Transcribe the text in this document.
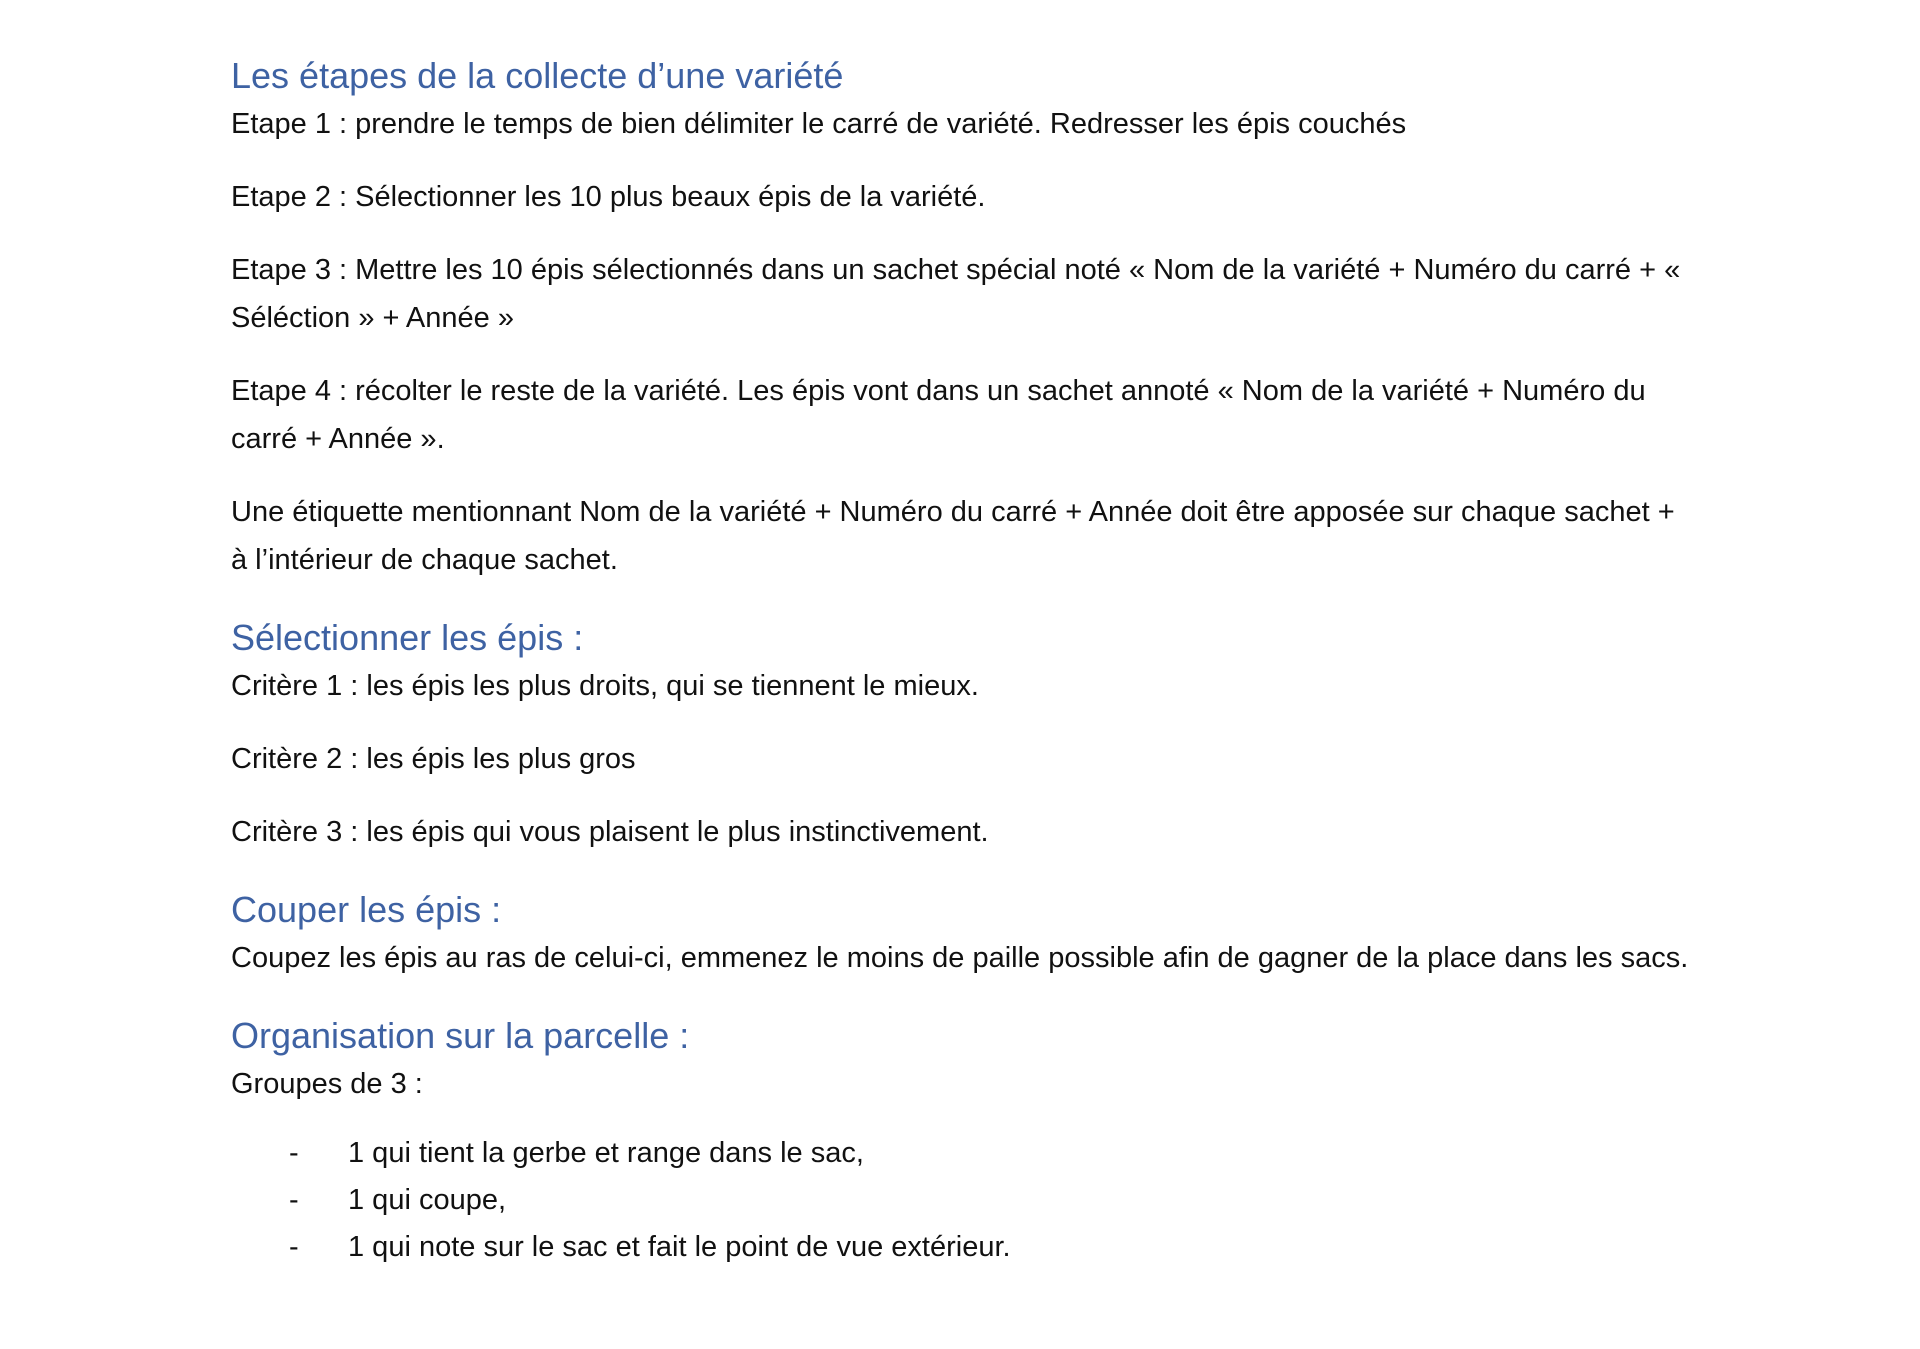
Les étapes de la collecte d’une variété

Etape 1 : prendre le temps de bien délimiter le carré de variété. Redresser les épis couchés

Etape 2 : Sélectionner les 10 plus beaux épis de la variété.

Etape 3 : Mettre les 10 épis sélectionnés dans un sachet spécial noté « Nom de la variété + Numéro du carré + « Séléction » + Année »

Etape 4 : récolter le reste de la variété. Les épis vont dans un sachet annoté « Nom de la variété + Numéro du carré + Année ».

Une étiquette mentionnant Nom de la variété + Numéro du carré + Année doit être apposée sur chaque sachet + à l’intérieur de chaque sachet.

Sélectionner les épis :

Critère 1 : les épis les plus droits, qui se tiennent le mieux.

Critère 2 : les épis les plus gros

Critère 3 : les épis qui vous plaisent le plus instinctivement.

Couper les épis :

Coupez les épis au ras de celui-ci, emmenez le moins de paille possible afin de gagner de la place dans les sacs.

Organisation sur la parcelle :

Groupes de 3 :

-	1 qui tient la gerbe et range dans le sac,
-	1 qui coupe,
-	1 qui note sur le sac et fait le point de vue extérieur.
